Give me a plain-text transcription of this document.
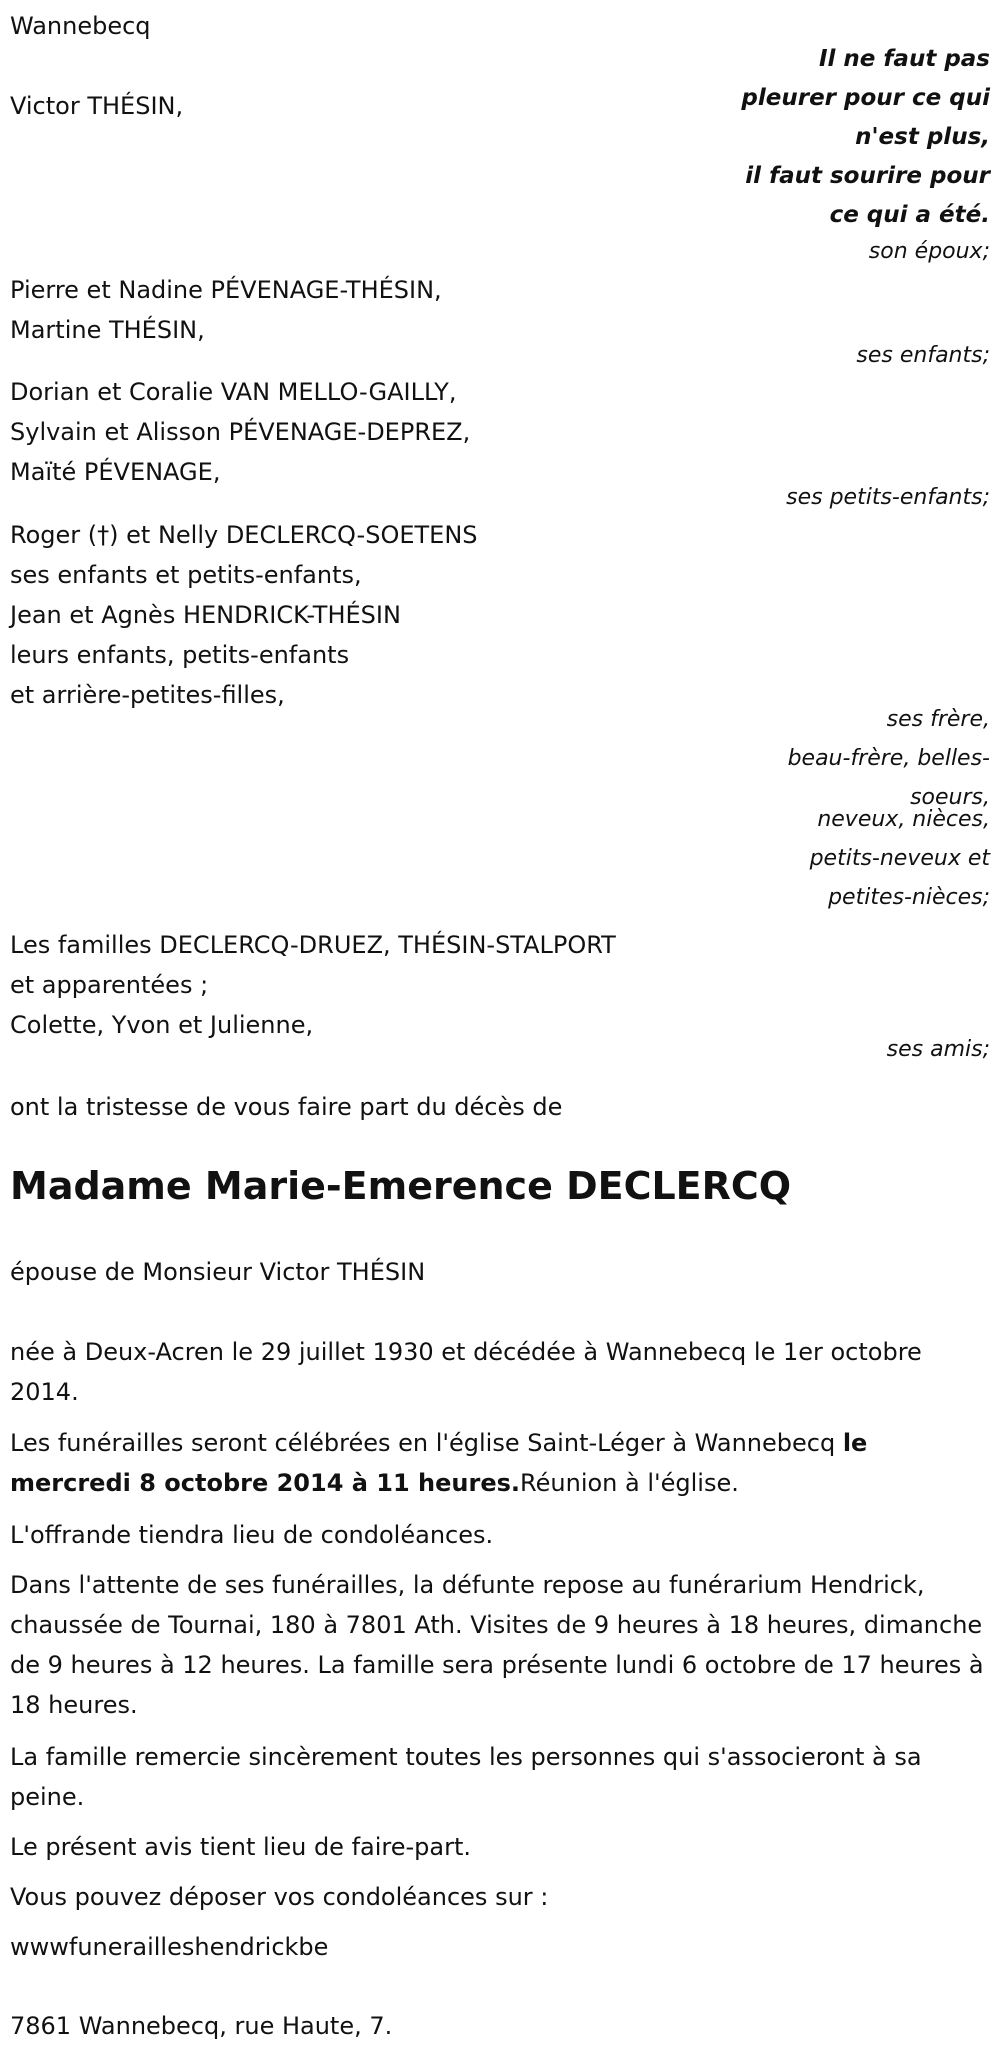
Wannebecq
Victor THÉSIN,
Il ne faut pas
pleurer pour ce qui
n'est plus,
il faut sourire pour
ce qui a été.
son époux;
Pierre et Nadine PÉVENAGE-THÉSIN,
Martine THÉSIN,
ses enfants;
Dorian et Coralie VAN MELLO-GAILLY,
Sylvain et Alisson PÉVENAGE-DEPREZ,
Maïté PÉVENAGE,
ses petits-enfants;
Roger (†) et Nelly DECLERCQ-SOETENS
ses enfants et petits-enfants,
Jean et Agnès HENDRICK-THÉSIN
leurs enfants, petits-enfants
et arrière-petites-filles,
ses frère,
beau-frère, belles-
soeurs,
neveux, nièces,
petits-neveux et
petites-nièces;
Les familles DECLERCQ-DRUEZ, THÉSIN-STALPORT
et apparentées ;
Colette, Yvon et Julienne,
ses amis;
ont la tristesse de vous faire part du décès de
Madame Marie-Emerence DECLERCQ
épouse de Monsieur Victor THÉSIN
née à Deux-Acren le 29 juillet 1930 et décédée à Wannebecq le 1er octobre 2014.
Les funérailles seront célébrées en l'église Saint-Léger à Wannebecq le mercredi 8 octobre 2014 à 11 heures.Réunion à l'église.
L'offrande tiendra lieu de condoléances.
Dans l'attente de ses funérailles, la défunte repose au funérarium Hendrick, chaussée de Tournai, 180 à 7801 Ath. Visites de 9 heures à 18 heures, dimanche de 9 heures à 12 heures. La famille sera présente lundi 6 octobre de 17 heures à 18 heures.
La famille remercie sincèrement toutes les personnes qui s'associeront à sa peine.
Le présent avis tient lieu de faire-part.
Vous pouvez déposer vos condoléances sur :
wwwfunerailleshendrickbe
7861 Wannebecq, rue Haute, 7.
